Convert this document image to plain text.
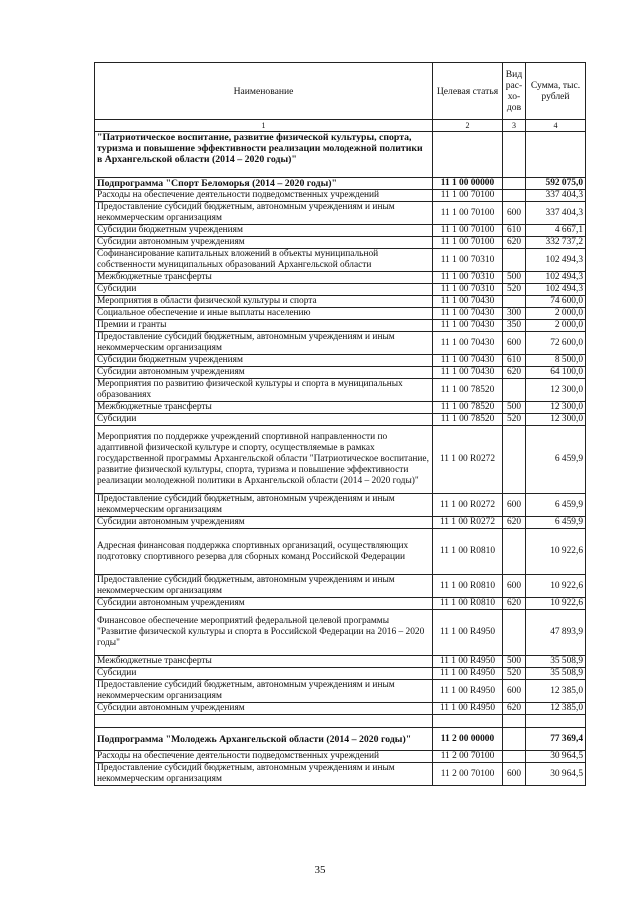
Наименование	Целевая статья	Вид рас-хо-дов	Сумма, тыс. рублей
1	2	3	4
"Патриотическое воспитание, развитие физической культуры, спорта, туризма и повышение эффективности реализации молодежной политики в Архангельской области (2014 – 2020 годы)"			
Подпрограмма "Спорт Беломорья (2014 – 2020 годы)"	11 1 00 00000		592 075,0
Расходы на обеспечение деятельности подведомственных учреждений	11 1 00 70100		337 404,3
Предоставление субсидий бюджетным, автономным учреждениям и иным некоммерческим организациям	11 1 00 70100	600	337 404,3
Субсидии бюджетным учреждениям	11 1 00 70100	610	4 667,1
Субсидии автономным учреждениям	11 1 00 70100	620	332 737,2
Софинансирование капитальных вложений в объекты муниципальной собственности муниципальных образований Архангельской области	11 1 00 70310		102 494,3
Межбюджетные трансферты	11 1 00 70310	500	102 494,3
Субсидии	11 1 00 70310	520	102 494,3
Мероприятия в области физической культуры и спорта	11 1 00 70430		74 600,0
Социальное обеспечение и иные выплаты населению	11 1 00 70430	300	2 000,0
Премии и гранты	11 1 00 70430	350	2 000,0
Предоставление субсидий бюджетным, автономным учреждениям и иным некоммерческим организациям	11 1 00 70430	600	72 600,0
Субсидии бюджетным учреждениям	11 1 00 70430	610	8 500,0
Субсидии автономным учреждениям	11 1 00 70430	620	64 100,0
Мероприятия по развитию физической культуры и спорта в муниципальных образованиях	11 1 00 78520		12 300,0
Межбюджетные трансферты	11 1 00 78520	500	12 300,0
Субсидии	11 1 00 78520	520	12 300,0
Мероприятия по поддержке учреждений спортивной направленности по адаптивной физической культуре и спорту, осуществляемые в рамках государственной программы Архангельской области "Патриотическое воспитание, развитие физической культуры, спорта, туризма и повышение эффективности реализации молодежной политики в Архангельской области (2014 – 2020 годы)"	11 1 00 R0272		6 459,9
Предоставление субсидий бюджетным, автономным учреждениям и иным некоммерческим организациям	11 1 00 R0272	600	6 459,9
Субсидии автономным учреждениям	11 1 00 R0272	620	6 459,9
Адресная финансовая поддержка спортивных организаций, осуществляющих подготовку спортивного резерва для сборных команд Российской Федерации	11 1 00 R0810		10 922,6
Предоставление субсидий бюджетным, автономным учреждениям и иным некоммерческим организациям	11 1 00 R0810	600	10 922,6
Субсидии автономным учреждениям	11 1 00 R0810	620	10 922,6
Финансовое обеспечение мероприятий федеральной целевой программы "Развитие физической культуры и спорта в Российской Федерации на 2016 – 2020 годы"	11 1 00 R4950		47 893,9
Межбюджетные трансферты	11 1 00 R4950	500	35 508,9
Субсидии	11 1 00 R4950	520	35 508,9
Предоставление субсидий бюджетным, автономным учреждениям и иным некоммерческим организациям	11 1 00 R4950	600	12 385,0
Субсидии автономным учреждениям	11 1 00 R4950	620	12 385,0

Подпрограмма "Молодежь Архангельской области (2014 – 2020 годы)"	11 2 00 00000		77 369,4
Расходы на обеспечение деятельности подведомственных учреждений	11 2 00 70100		30 964,5
Предоставление субсидий бюджетным, автономным учреждениям и иным некоммерческим организациям	11 2 00 70100	600	30 964,5
35
